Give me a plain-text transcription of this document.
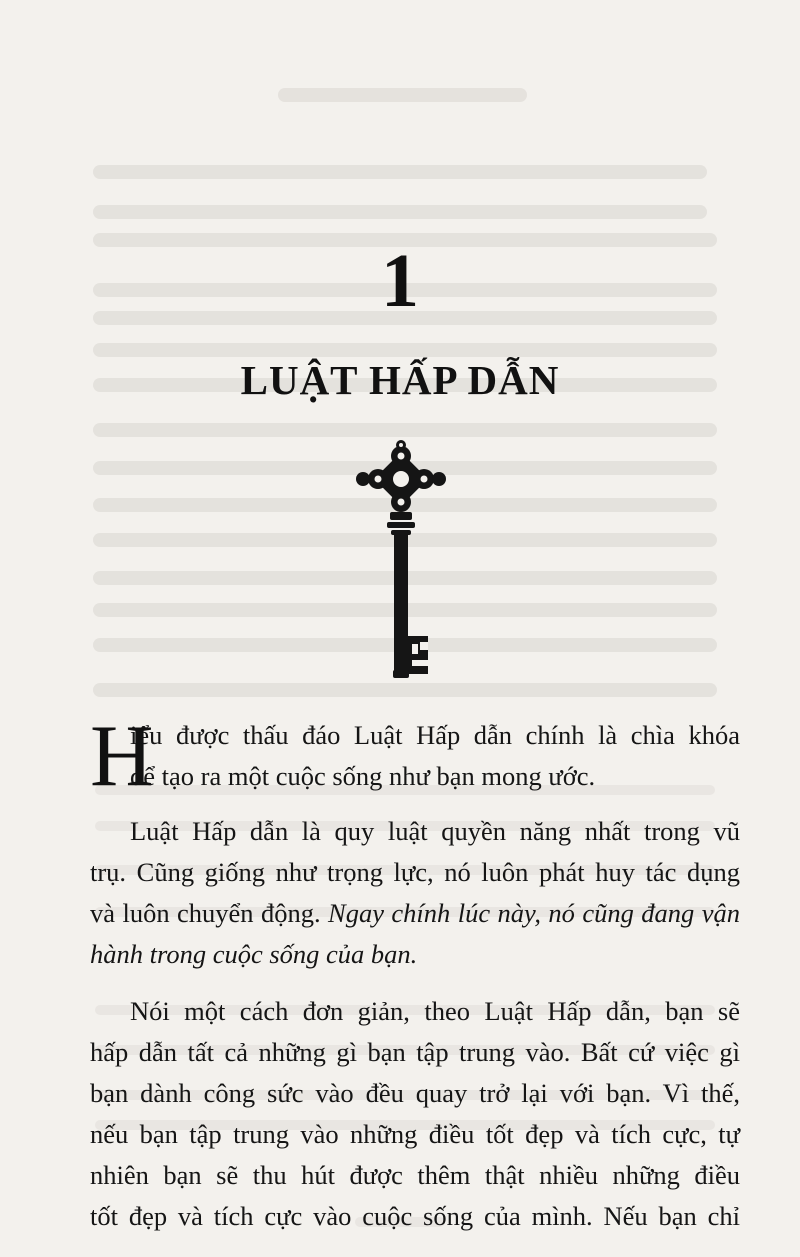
1
LUẬT HẤP DẪN

H
iểu được thấu đáo Luật Hấp dẫn chính là chìa khóa
để tạo ra một cuộc sống như bạn mong ước.

Luật Hấp dẫn là quy luật quyền năng nhất trong vũ
trụ. Cũng giống như trọng lực, nó luôn phát huy tác dụng
và luôn chuyển động. Ngay chính lúc này, nó cũng đang vận
hành trong cuộc sống của bạn.

Nói một cách đơn giản, theo Luật Hấp dẫn, bạn sẽ
hấp dẫn tất cả những gì bạn tập trung vào. Bất cứ việc gì
bạn dành công sức vào đều quay trở lại với bạn. Vì thế,
nếu bạn tập trung vào những điều tốt đẹp và tích cực, tự
nhiên bạn sẽ thu hút được thêm thật nhiều những điều
tốt đẹp và tích cực vào cuộc sống của mình. Nếu bạn chỉ
